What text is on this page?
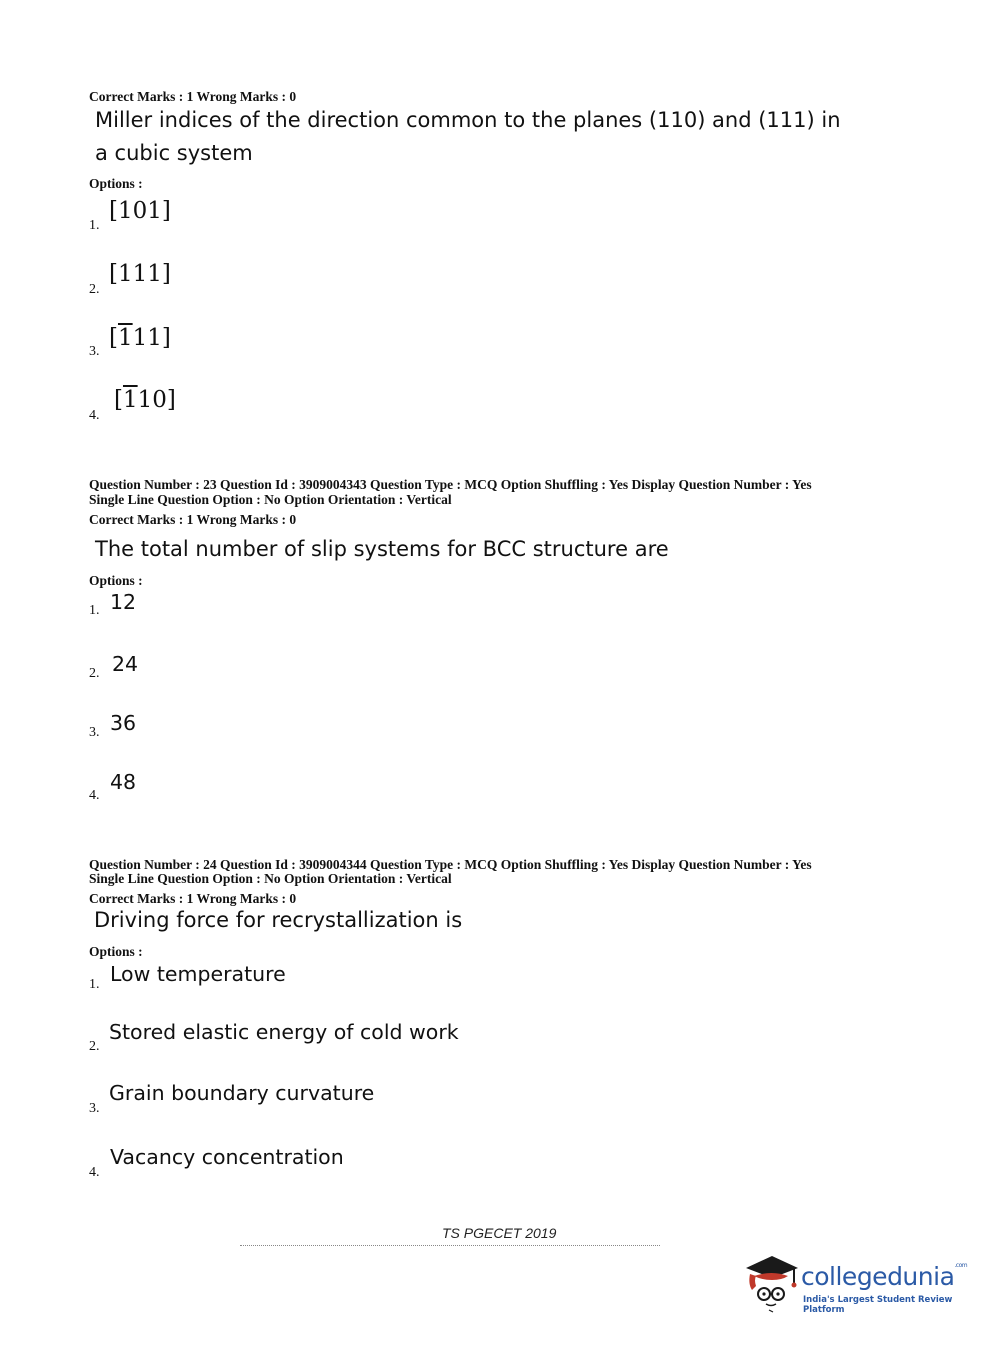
Correct Marks : 1 Wrong Marks : 0
Miller indices of the direction common to the planes (110) and (111) in a cubic system
Options :
1.
[101]
2.
[111]
3.
[111]
4.
[110]
Question Number : 23 Question Id : 3909004343 Question Type : MCQ Option Shuffling : Yes Display Question Number : Yes
Single Line Question Option : No Option Orientation : Vertical
Correct Marks : 1 Wrong Marks : 0
The total number of slip systems for BCC structure are
Options :
1. 12
2. 24
3. 36
4.
48
Question Number : 24 Question Id : 3909004344 Question Type : MCQ Option Shuffling : Yes Display Question Number : Yes
Single Line Question Option : No Option Orientation : Vertical
Correct Marks : 1 Wrong Marks : 0
Driving force for recrystallization is
Options :
1. Low temperature
2.
Stored elastic energy of cold work
3.
Grain boundary curvature
4.
Vacancy concentration
TS PGECET 2019
collegedunia$^{.com}$
India's Largest Student Review Platform
